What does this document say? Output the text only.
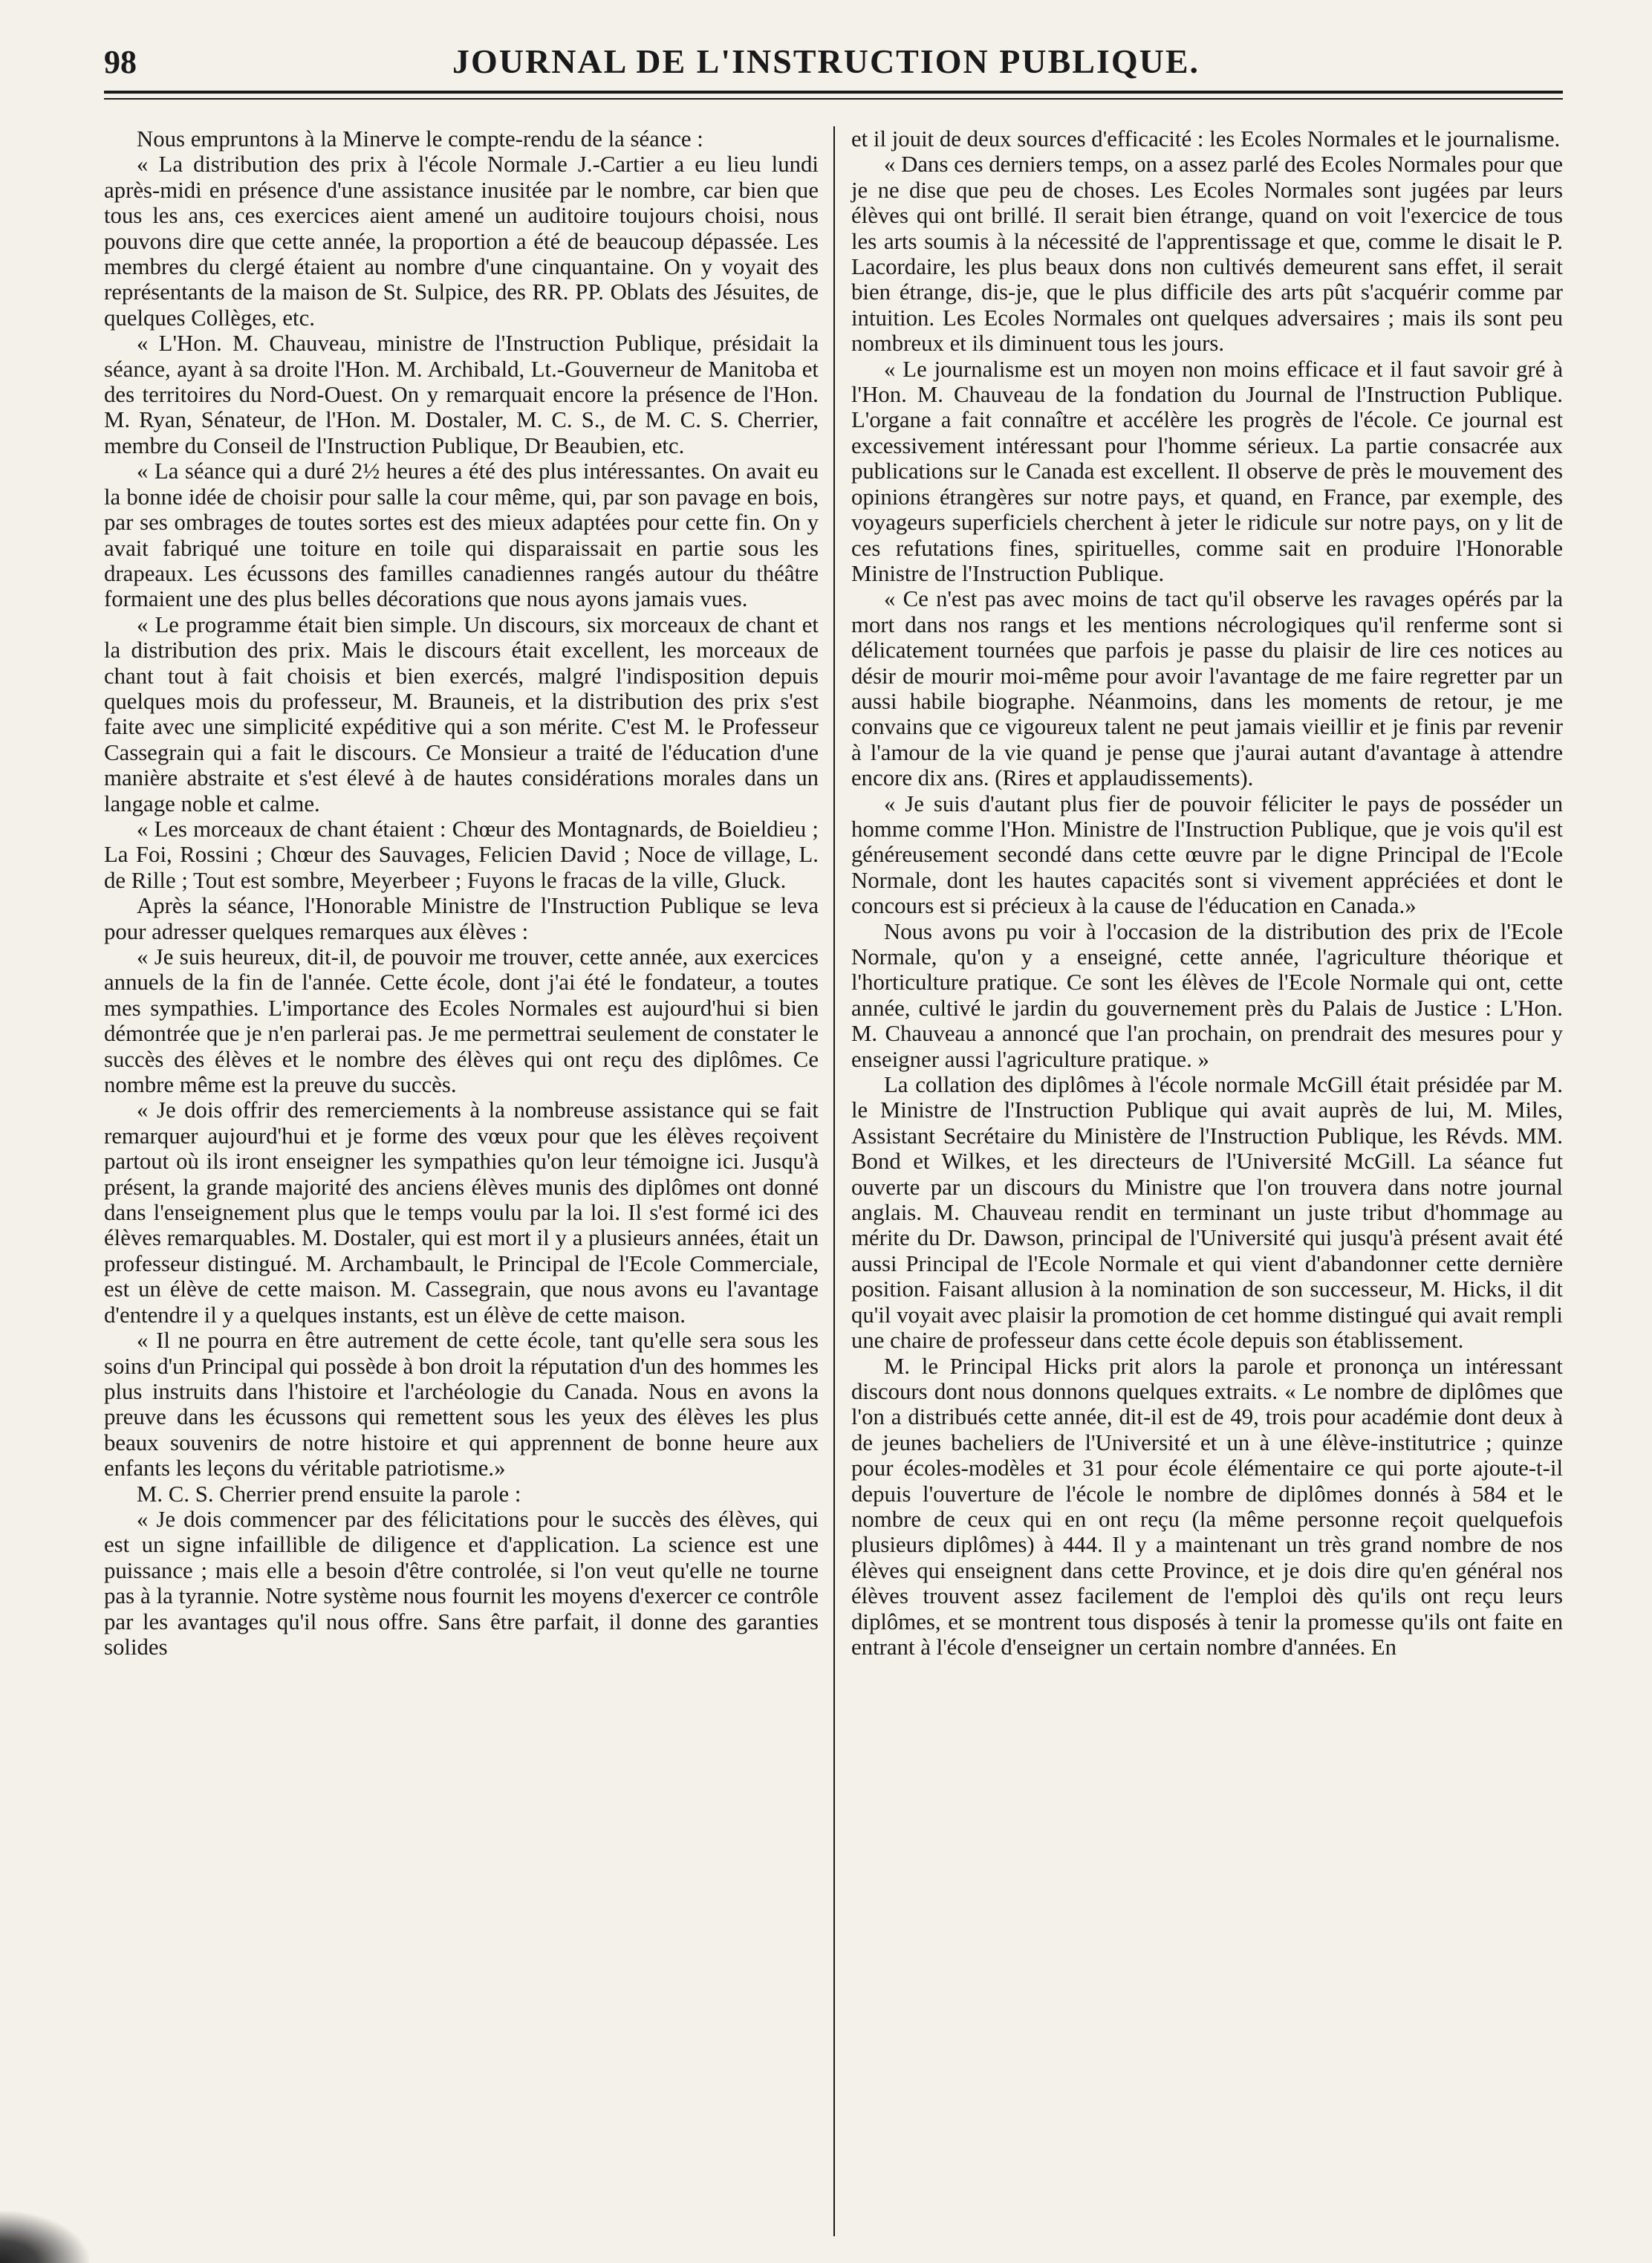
98	JOURNAL DE L'INSTRUCTION PUBLIQUE.

Nous empruntons à la Minerve le compte-rendu de la séance :

« La distribution des prix à l'école Normale J.-Cartier a eu lieu lundi après-midi en présence d'une assistance inusitée par le nombre, car bien que tous les ans, ces exercices aient amené un auditoire toujours choisi, nous pouvons dire que cette année, la proportion a été de beaucoup dépassée. Les membres du clergé étaient au nombre d'une cinquantaine. On y voyait des représentants de la maison de St. Sulpice, des RR. PP. Oblats des Jésuites, de quelques Collèges, etc.

« L'Hon. M. Chauveau, ministre de l'Instruction Publique, présidait la séance, ayant à sa droite l'Hon. M. Archibald, Lt.-Gouverneur de Manitoba et des territoires du Nord-Ouest. On y remarquait encore la présence de l'Hon. M. Ryan, Sénateur, de l'Hon. M. Dostaler, M. C. S., de M. C. S. Cherrier, membre du Conseil de l'Instruction Publique, Dr Beaubien, etc.

« La séance qui a duré 2½ heures a été des plus intéressantes. On avait eu la bonne idée de choisir pour salle la cour même, qui, par son pavage en bois, par ses ombrages de toutes sortes est des mieux adaptées pour cette fin. On y avait fabriqué une toiture en toile qui disparaissait en partie sous les drapeaux. Les écussons des familles canadiennes rangés autour du théâtre formaient une des plus belles décorations que nous ayons jamais vues.

« Le programme était bien simple. Un discours, six morceaux de chant et la distribution des prix. Mais le discours était excellent, les morceaux de chant tout à fait choisis et bien exercés, malgré l'indisposition depuis quelques mois du professeur, M. Brauneis, et la distribution des prix s'est faite avec une simplicité expéditive qui a son mérite. C'est M. le Professeur Cassegrain qui a fait le discours. Ce Monsieur a traité de l'éducation d'une manière abstraite et s'est élevé à de hautes considérations morales dans un langage noble et calme.

« Les morceaux de chant étaient : Chœur des Montagnards, de Boieldieu ; La Foi, Rossini ; Chœur des Sauvages, Felicien David ; Noce de village, L. de Rille ; Tout est sombre, Meyerbeer ; Fuyons le fracas de la ville, Gluck.

Après la séance, l'Honorable Ministre de l'Instruction Publique se leva pour adresser quelques remarques aux élèves :

« Je suis heureux, dit-il, de pouvoir me trouver, cette année, aux exercices annuels de la fin de l'année. Cette école, dont j'ai été le fondateur, a toutes mes sympathies. L'importance des Ecoles Normales est aujourd'hui si bien démontrée que je n'en parlerai pas. Je me permettrai seulement de constater le succès des élèves et le nombre des élèves qui ont reçu des diplômes. Ce nombre même est la preuve du succès.

« Je dois offrir des remerciements à la nombreuse assistance qui se fait remarquer aujourd'hui et je forme des vœux pour que les élèves reçoivent partout où ils iront enseigner les sympathies qu'on leur témoigne ici. Jusqu'à présent, la grande majorité des anciens élèves munis des diplômes ont donné dans l'enseignement plus que le temps voulu par la loi. Il s'est formé ici des élèves remarquables. M. Dostaler, qui est mort il y a plusieurs années, était un professeur distingué. M. Archambault, le Principal de l'Ecole Commerciale, est un élève de cette maison. M. Cassegrain, que nous avons eu l'avantage d'entendre il y a quelques instants, est un élève de cette maison.

« Il ne pourra en être autrement de cette école, tant qu'elle sera sous les soins d'un Principal qui possède à bon droit la réputation d'un des hommes les plus instruits dans l'histoire et l'archéologie du Canada. Nous en avons la preuve dans les écussons qui remettent sous les yeux des élèves les plus beaux souvenirs de notre histoire et qui apprennent de bonne heure aux enfants les leçons du véritable patriotisme.»

M. C. S. Cherrier prend ensuite la parole :

« Je dois commencer par des félicitations pour le succès des élèves, qui est un signe infaillible de diligence et d'application. La science est une puissance ; mais elle a besoin d'être controlée, si l'on veut qu'elle ne tourne pas à la tyrannie. Notre système nous fournit les moyens d'exercer ce contrôle par les avantages qu'il nous offre. Sans être parfait, il donne des garanties solides

et il jouit de deux sources d'efficacité : les Ecoles Normales et le journalisme.

« Dans ces derniers temps, on a assez parlé des Ecoles Normales pour que je ne dise que peu de choses. Les Ecoles Normales sont jugées par leurs élèves qui ont brillé. Il serait bien étrange, quand on voit l'exercice de tous les arts soumis à la nécessité de l'apprentissage et que, comme le disait le P. Lacordaire, les plus beaux dons non cultivés demeurent sans effet, il serait bien étrange, dis-je, que le plus difficile des arts pût s'acquérir comme par intuition. Les Ecoles Normales ont quelques adversaires ; mais ils sont peu nombreux et ils diminuent tous les jours.

« Le journalisme est un moyen non moins efficace et il faut savoir gré à l'Hon. M. Chauveau de la fondation du Journal de l'Instruction Publique. L'organe a fait connaître et accélère les progrès de l'école. Ce journal est excessivement intéressant pour l'homme sérieux. La partie consacrée aux publications sur le Canada est excellent. Il observe de près le mouvement des opinions étrangères sur notre pays, et quand, en France, par exemple, des voyageurs superficiels cherchent à jeter le ridicule sur notre pays, on y lit de ces refutations fines, spirituelles, comme sait en produire l'Honorable Ministre de l'Instruction Publique.

« Ce n'est pas avec moins de tact qu'il observe les ravages opérés par la mort dans nos rangs et les mentions nécrologiques qu'il renferme sont si délicatement tournées que parfois je passe du plaisir de lire ces notices au désir de mourir moi-même pour avoir l'avantage de me faire regretter par un aussi habile biographe. Néanmoins, dans les moments de retour, je me convains que ce vigoureux talent ne peut jamais vieillir et je finis par revenir à l'amour de la vie quand je pense que j'aurai autant d'avantage à attendre encore dix ans. (Rires et applaudissements).

« Je suis d'autant plus fier de pouvoir féliciter le pays de posséder un homme comme l'Hon. Ministre de l'Instruction Publique, que je vois qu'il est généreusement secondé dans cette œuvre par le digne Principal de l'Ecole Normale, dont les hautes capacités sont si vivement appréciées et dont le concours est si précieux à la cause de l'éducation en Canada.»

Nous avons pu voir à l'occasion de la distribution des prix de l'Ecole Normale, qu'on y a enseigné, cette année, l'agriculture théorique et l'horticulture pratique. Ce sont les élèves de l'Ecole Normale qui ont, cette année, cultivé le jardin du gouvernement près du Palais de Justice : L'Hon. M. Chauveau a annoncé que l'an prochain, on prendrait des mesures pour y enseigner aussi l'agriculture pratique. »

La collation des diplômes à l'école normale McGill était présidée par M. le Ministre de l'Instruction Publique qui avait auprès de lui, M. Miles, Assistant Secrétaire du Ministère de l'Instruction Publique, les Révds. MM. Bond et Wilkes, et les directeurs de l'Université McGill. La séance fut ouverte par un discours du Ministre que l'on trouvera dans notre journal anglais. M. Chauveau rendit en terminant un juste tribut d'hommage au mérite du Dr. Dawson, principal de l'Université qui jusqu'à présent avait été aussi Principal de l'Ecole Normale et qui vient d'abandonner cette dernière position. Faisant allusion à la nomination de son successeur, M. Hicks, il dit qu'il voyait avec plaisir la promotion de cet homme distingué qui avait rempli une chaire de professeur dans cette école depuis son établissement.

M. le Principal Hicks prit alors la parole et prononça un intéressant discours dont nous donnons quelques extraits. « Le nombre de diplômes que l'on a distribués cette année, dit-il est de 49, trois pour académie dont deux à de jeunes bacheliers de l'Université et un à une élève-institutrice ; quinze pour écoles-modèles et 31 pour école élémentaire ce qui porte ajoute-t-il depuis l'ouverture de l'école le nombre de diplômes donnés à 584 et le nombre de ceux qui en ont reçu (la même personne reçoit quelquefois plusieurs diplômes) à 444. Il y a maintenant un très grand nombre de nos élèves qui enseignent dans cette Province, et je dois dire qu'en général nos élèves trouvent assez facilement de l'emploi dès qu'ils ont reçu leurs diplômes, et se montrent tous disposés à tenir la promesse qu'ils ont faite en entrant à l'école d'enseigner un certain nombre d'années. En
